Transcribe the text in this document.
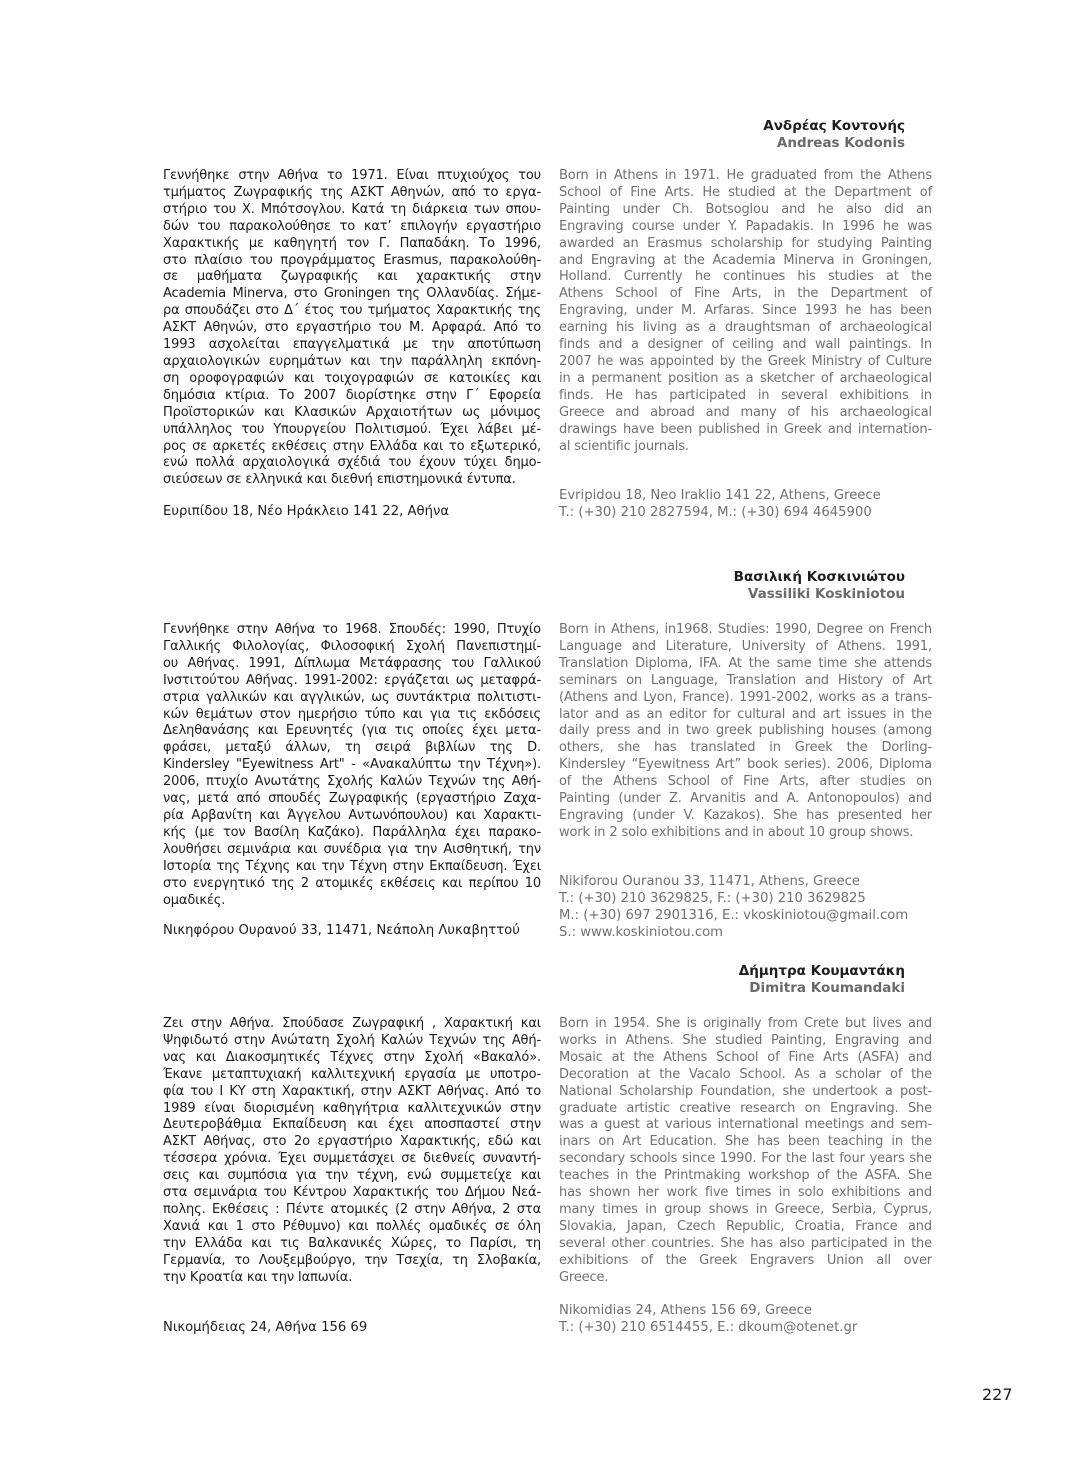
Ανδρέας Κοντονής
Andreas Kodonis
Γεννήθηκε στην Αθήνα το 1971. Είναι πτυχιούχος του
τμήματος Ζωγραφικής της ΑΣΚΤ Αθηνών, από το εργα-
στήριο του Χ. Μπότσογλου. Κατά τη διάρκεια των σπου-
δών του παρακολούθησε το κατ’ επιλογήν εργαστήριο
Χαρακτικής με καθηγητή τον Γ. Παπαδάκη. Το 1996,
στο πλαίσιο του προγράμματος Erasmus, παρακολούθη-
σε μαθήματα ζωγραφικής και χαρακτικής στην
Academia Minerva, στο Groningen της Ολλανδίας. Σήμε-
ρα σπουδάζει στο Δ΄ έτος του τμήματος Χαρακτικής της
ΑΣΚΤ Αθηνών, στο εργαστήριο του Μ. Αρφαρά. Από το
1993 ασχολείται επαγγελματικά με την αποτύπωση
αρχαιολογικών ευρημάτων και την παράλληλη εκπόνη-
ση οροφογραφιών και τοιχογραφιών σε κατοικίες και
δημόσια κτίρια. Το 2007 διορίστηκε στην Γ΄ Εφορεία
Προϊστορικών και Κλασικών Αρχαιοτήτων ως μόνιμος
υπάλληλος του Υπουργείου Πολιτισμού. Έχει λάβει μέ-
ρος σε αρκετές εκθέσεις στην Ελλάδα και το εξωτερικό,
ενώ πολλά αρχαιολογικά σχέδιά του έχουν τύχει δημο-
σιεύσεων σε ελληνικά και διεθνή επιστημονικά έντυπα.
Ευριπίδου 18, Νέο Ηράκλειο 141 22, Αθήνα
Born in Athens in 1971. He graduated from the Athens
School of Fine Arts. He studied at the Department of
Painting under Ch. Botsoglou and he also did an
Engraving course under Y. Papadakis. In 1996 he was
awarded an Erasmus scholarship for studying Painting
and Engraving at the Academia Minerva in Groningen,
Holland. Currently he continues his studies at the
Athens School of Fine Arts, in the Department of
Engraving, under M. Arfaras. Since 1993 he has been
earning his living as a draughtsman of archaeological
finds and a designer of ceiling and wall paintings. In
2007 he was appointed by the Greek Ministry of Culture
in a permanent position as a sketcher of archaeological
finds. He has participated in several exhibitions in
Greece and abroad and many of his archaeological
drawings have been published in Greek and internation-
al scientific journals.
Evripidou 18, Neo Iraklio 141 22, Athens, Greece
T.: (+30) 210 2827594, M.: (+30) 694 4645900
Βασιλική Κοσκινιώτου
Vassiliki Koskiniotou
Γεννήθηκε στην Αθήνα το 1968. Σπουδές: 1990, Πτυχίο
Γαλλικής Φιλολογίας, Φιλοσοφική Σχολή Πανεπιστημί-
ου Αθήνας. 1991, Δίπλωμα Μετάφρασης του Γαλλικού
Ινστιτούτου Αθήνας. 1991-2002: εργάζεται ως μεταφρά-
στρια γαλλικών και αγγλικών, ως συντάκτρια πολιτιστι-
κών θεμάτων στον ημερήσιο τύπο και για τις εκδόσεις
Δεληθανάσης και Ερευνητές (για τις οποίες έχει μετα-
φράσει, μεταξύ άλλων, τη σειρά βιβλίων της D.
Kindersley "Eyewitness Art" - «Ανακαλύπτω την Τέχνη»).
2006, πτυχίο Ανωτάτης Σχολής Καλών Τεχνών της Αθή-
νας, μετά από σπουδές Ζωγραφικής (εργαστήριο Ζαχα-
ρία Αρβανίτη και Άγγελου Αντωνόπουλου) και Χαρακτι-
κής (με τον Βασίλη Καζάκο). Παράλληλα έχει παρακο-
λουθήσει σεμινάρια και συνέδρια για την Αισθητική, την
Ιστορία της Τέχνης και την Τέχνη στην Εκπαίδευση. Έχει
στο ενεργητικό της 2 ατομικές εκθέσεις και περίπου 10
ομαδικές.
Νικηφόρου Ουρανού 33, 11471, Νεάπολη Λυκαβηττού
Born in Athens, in1968. Studies: 1990, Degree on French
Language and Literature, University of Athens. 1991,
Translation Diploma, IFA. At the same time she attends
seminars on Language, Translation and History of Art
(Athens and Lyon, France). 1991-2002, works as a trans-
lator and as an editor for cultural and art issues in the
daily press and in two greek publishing houses (among
others, she has translated in Greek the Dorling-
Kindersley “Eyewitness Art” book series). 2006, Diploma
of the Athens School of Fine Arts, after studies on
Painting (under Z. Arvanitis and A. Antonopoulos) and
Engraving (under V. Kazakos). She has presented her
work in 2 solo exhibitions and in about 10 group shows.
Nikiforou Ouranou 33, 11471, Athens, Greece
T.: (+30) 210 3629825, F.: (+30) 210 3629825
M.: (+30) 697 2901316, E.: vkoskiniotou@gmail.com
S.: www.koskiniotou.com
Δήμητρα Κουμαντάκη
Dimitra Koumandaki
Ζει στην Αθήνα. Σπούδασε Ζωγραφική , Χαρακτική και
Ψηφιδωτό στην Ανώτατη Σχολή Καλών Τεχνών της Αθή-
νας και Διακοσμητικές Τέχνες στην Σχολή «Βακαλό».
Έκανε μεταπτυχιακή καλλιτεχνική εργασία με υποτρο-
φία του Ι ΚΥ στη Χαρακτική, στην ΑΣΚΤ Αθήνας. Από το
1989 είναι διορισμένη καθηγήτρια καλλιτεχνικών στην
Δευτεροβάθμια Εκπαίδευση και έχει αποσπαστεί στην
ΑΣΚΤ Αθήνας, στο 2ο εργαστήριο Χαρακτικής, εδώ και
τέσσερα χρόνια. Έχει συμμετάσχει σε διεθνείς συναντή-
σεις και συμπόσια για την τέχνη, ενώ συμμετείχε και
στα σεμινάρια του Κέντρου Χαρακτικής του Δήμου Νεά-
πολης. Εκθέσεις : Πέντε ατομικές (2 στην Αθήνα, 2 στα
Χανιά και 1 στο Ρέθυμνο) και πολλές ομαδικές σε όλη
την Ελλάδα και τις Βαλκανικές Χώρες, το Παρίσι, τη
Γερμανία, το Λουξεμβούργο, την Τσεχία, τη Σλοβακία,
την Κροατία και την Ιαπωνία.
Νικομήδειας 24, Αθήνα 156 69
Born in 1954. She is originally from Crete but lives and
works in Athens. She studied Painting, Engraving and
Mosaic at the Athens School of Fine Arts (ASFA) and
Decoration at the Vacalo School. As a scholar of the
National Scholarship Foundation, she undertook a post-
graduate artistic creative research on Engraving. She
was a guest at various international meetings and sem-
inars on Art Education. She has been teaching in the
secondary schools since 1990. For the last four years she
teaches in the Printmaking workshop of the ASFA. She
has shown her work five times in solo exhibitions and
many times in group shows in Greece, Serbia, Cyprus,
Slovakia, Japan, Czech Republic, Croatia, France and
several other countries. She has also participated in the
exhibitions of the Greek Engravers Union all over
Greece.
Nikomidias 24, Athens 156 69, Greece
T.: (+30) 210 6514455, E.: dkoum@otenet.gr
227
